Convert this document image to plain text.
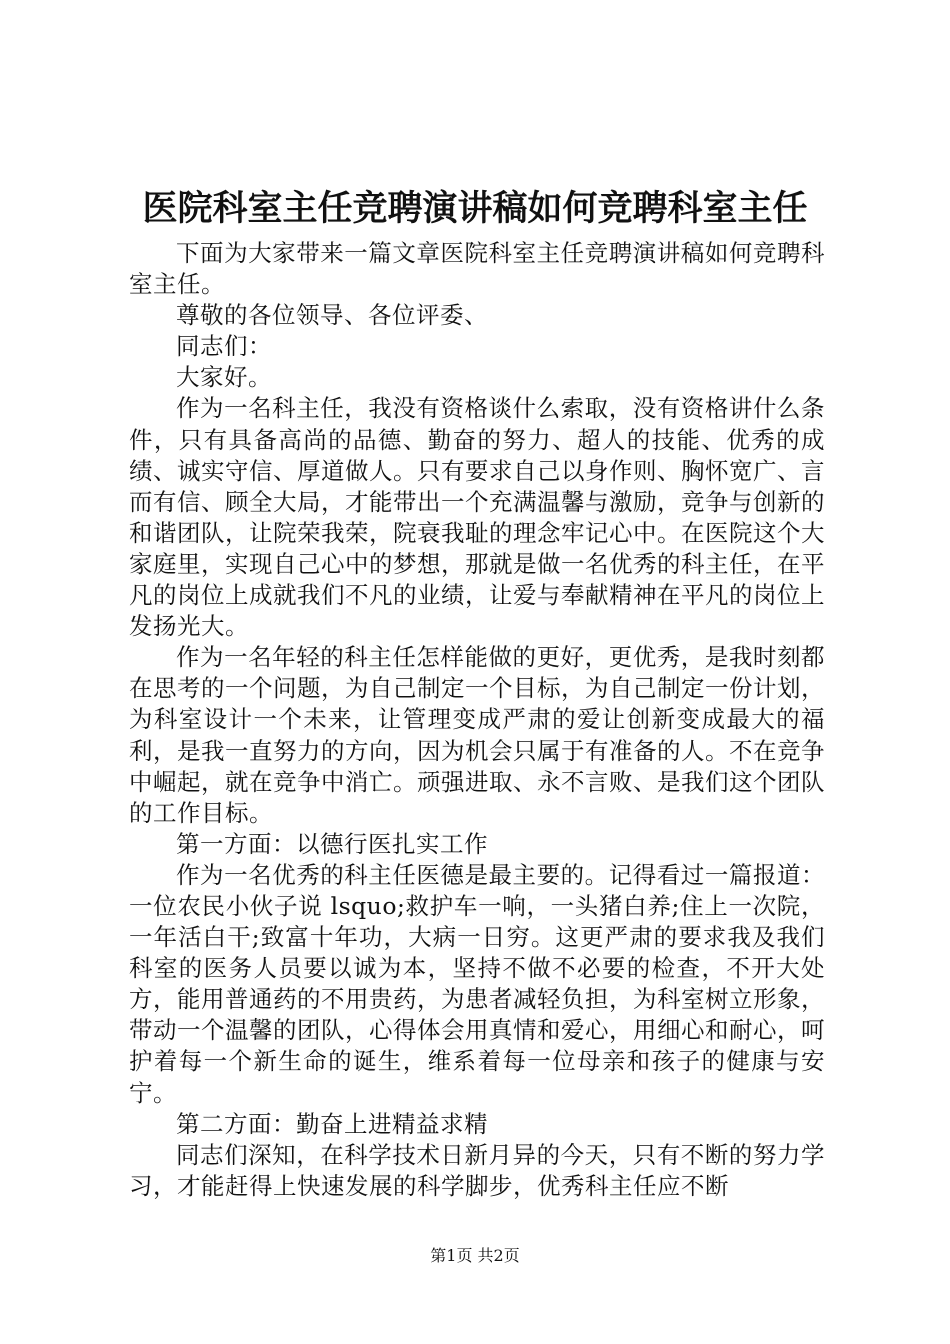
医院科室主任竞聘演讲稿如何竞聘科室主任

下面为大家带来一篇文章医院科室主任竞聘演讲稿如何竞聘科室主任。

尊敬的各位领导、各位评委、

同志们：

大家好。

作为一名科主任，我没有资格谈什么索取，没有资格讲什么条件，只有具备高尚的品德、勤奋的努力、超人的技能、优秀的成绩、诚实守信、厚道做人。只有要求自己以身作则、胸怀宽广、言而有信、顾全大局，才能带出一个充满温馨与激励，竞争与创新的和谐团队，让院荣我荣，院衰我耻的理念牢记心中。在医院这个大家庭里，实现自己心中的梦想，那就是做一名优秀的科主任，在平凡的岗位上成就我们不凡的业绩，让爱与奉献精神在平凡的岗位上发扬光大。

作为一名年轻的科主任怎样能做的更好，更优秀，是我时刻都在思考的一个问题，为自己制定一个目标，为自己制定一份计划，为科室设计一个未来，让管理变成严肃的爱让创新变成最大的福利，是我一直努力的方向，因为机会只属于有准备的人。不在竞争中崛起，就在竞争中消亡。顽强进取、永不言败、是我们这个团队的工作目标。

第一方面：以德行医扎实工作

作为一名优秀的科主任医德是最主要的。记得看过一篇报道：一位农民小伙子说 lsquo;救护车一响，一头猪白养;住上一次院，一年活白干;致富十年功，大病一日穷。这更严肃的要求我及我们科室的医务人员要以诚为本，坚持不做不必要的检查，不开大处方，能用普通药的不用贵药，为患者减轻负担，为科室树立形象，带动一个温馨的团队，心得体会用真情和爱心，用细心和耐心，呵护着每一个新生命的诞生，维系着每一位母亲和孩子的健康与安宁。

第二方面：勤奋上进精益求精

同志们深知，在科学技术日新月异的今天，只有不断的努力学习，才能赶得上快速发展的科学脚步，优秀科主任应不断

第1页 共2页
